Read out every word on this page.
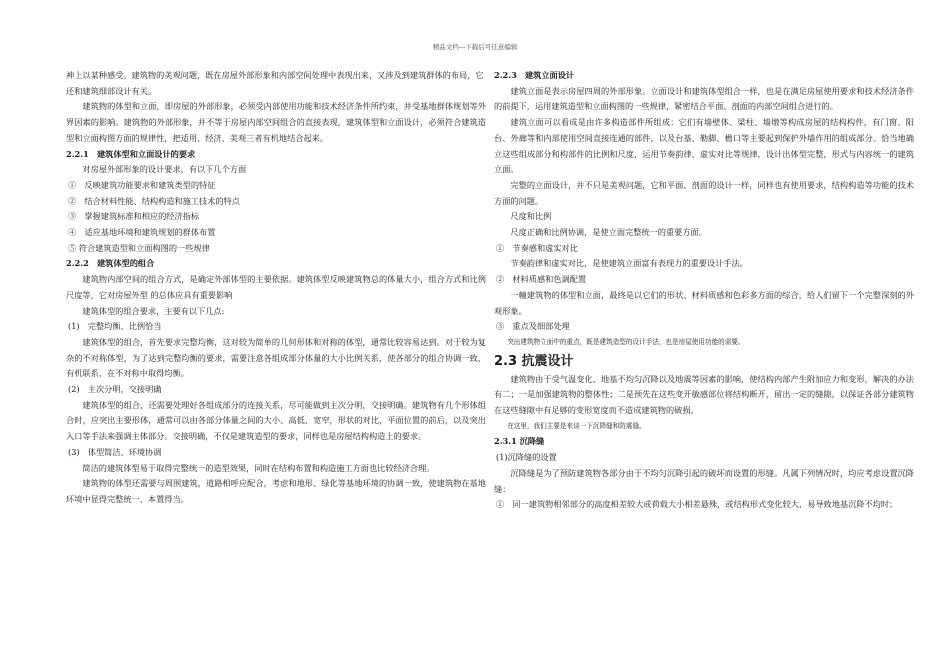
精品文档---下载后可任意编辑
神上以某种感受。建筑物的美观问题，既在房屋外部形象和内部空间处理中表现出来，又涉及到建筑群体的布局，它还和建筑细部设计有关。
建筑物的体型和立面，即房屋的外部形象，必须受内部使用功能和技术经济条件所约束，并受基地群体规划等外界因素的影响。建筑物的外部形象，并不等于房屋内部空间组合的直接表现，建筑体型和立面设计，必须符合建筑造型和立面构图方面的规律性，把适用、经济、美观三者有机地结合起来。
2.2.1　建筑体型和立面设计的要求
对房屋外部形象的设计要求，有以下几个方面
①　反映建筑功能要求和建筑类型的特征
②　结合材料性能、结构构造和施工技术的特点
③　掌握建筑标准和相应的经济指标
④　适应基地环境和建筑规划的群体布置
⑤ 符合建筑造型和立面构图的一些规律
2.2.2　建筑体型的组合
建筑物内部空间的组合方式，是确定外部体型的主要依据。建筑体型反映建筑物总的体量大小，组合方式和比例尺度等，它对房屋外型 的总体应具有重要影响
建筑体型的组合要求，主要有以下几点:
(1)　完整均衡、比例恰当
建筑体型的组合，首先要求完整均衡，这对较为简单的几何形体和对称的体型，通常比较容易达到。对于较为复杂的不对称体型，为了达到完整均衡的要求，需要注意各组成部分体量的大小比例关系，使各部分的组合协调一致，有机联系，在不对称中取得均衡。
(2)　主次分明，交接明确
建筑体型的组合，还需要处理好各组成部分的连接关系，尽可能做到主次分明，交接明确。建筑物有几个形体组合时，应突出主要形体，通常可以由各部分体量之间的大小、高低、宽窄，形状的对比，平面位置的前后，以及突出入口等手法来强调主体部分。交接明确，不仅是建筑造型的要求，同样也是房屋结构构造上的要求。
(3)　体型简洁、环境协调
简洁的建筑体型易于取得完整统一的造型效果，同时在结构布置和构造施工方面也比较经济合理。
建筑物的体型还需要与周围建筑，道路相呼应配合，考虑和地形、绿化等基地环境的协调一致，使建筑物在基地环境中显得完整统一、本置得当。
2.2.3　建筑立面设计
建筑立面是表示房屋四周的外部形象。立面设计和建筑体型组合一样，也是在满足房屋使用要求和技术经济条件的前提下，运用建筑造型和立面构图的一些规律，紧密结合平面、剖面的内部空间组合进行的。
建筑立面可以看成是由许多构造部件所组成：它们有墙壁体、梁柱、墙墩等构成房屋的结构构件，有门窗、阳台、外廊等和内部使用空间直接连通的部件，以及台基、勒脚、檐口等主要起到保护外墙作用的组成部分。恰当地确立这些组成部分和构部件的比例和尺度，运用节奏韵律、虚实对比等规律，设计出体型完整，形式与内容统一的建筑立面。
完整的立面设计，并不只是美观问题，它和平面、剖面的设计一样，同样也有使用要求，结构构造等功能的技术方面的问题。
尺度和比例
尺度正确和比例协调，是使立面完整统一的重要方面。
①　节奏感和虚实对比
节奏韵律和虚实对比，是使建筑立面富有表现力的重要设计手法。
②　材料质感和色调配置
一幢建筑物的体型和立面，最终是以它们的形状、材料质感和色彩多方面的综合，给人们留下一个完整深刻的外观形象。
③　重点及细部处理
突出建筑物立面中的重点，既是建筑造型的设计手法，也是房屋使用功能的需要。
2.3 抗震设计
建筑物由于受气温变化、地基不均匀沉降以及地震等因素的影响，使结构内部产生附加应力和变形，解决的办法有二；一是加强建筑物的整体性；二是预先在这些变开敏感部位将结构断开，留出一定的缝隙，以保证各部分建筑物在这些缝隙中有足够的变形宽度而不造成建筑物的破损。
在这里，我们主要是来谈一下沉降缝和防震缝。
2.3.1 沉降缝
(1)沉降缝的设置
沉降缝是为了预防建筑物各部分由于不均匀沉降引起的破坏而设置的形缝。凡属下列情况时，均应考虑设置沉降缝：
①　同一建筑物相邻部分的高度相差较大或荷载大小相差悬殊，或结构形式变化较大，易导致地基沉降不均时；
